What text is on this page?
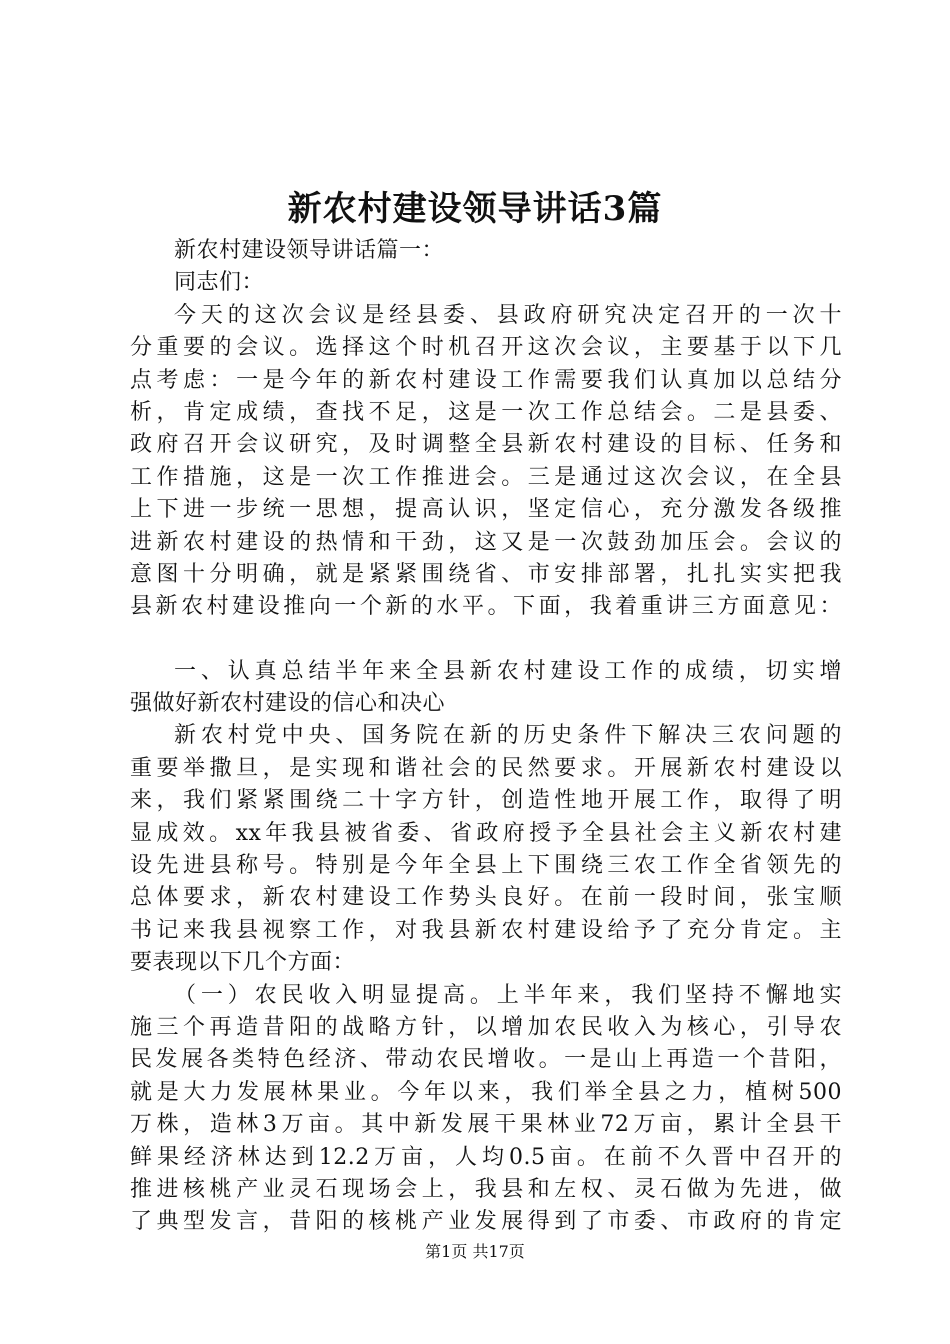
新农村建设领导讲话3篇
新农村建设领导讲话篇一：
同志们：
今天的这次会议是经县委、县政府研究决定召开的一次十
分重要的会议。选择这个时机召开这次会议，主要基于以下几
点考虑：一是今年的新农村建设工作需要我们认真加以总结分
析，肯定成绩，查找不足，这是一次工作总结会。二是县委、
政府召开会议研究，及时调整全县新农村建设的目标、任务和
工作措施，这是一次工作推进会。三是通过这次会议，在全县
上下进一步统一思想，提高认识，坚定信心，充分激发各级推
进新农村建设的热情和干劲，这又是一次鼓劲加压会。会议的
意图十分明确，就是紧紧围绕省、市安排部署，扎扎实实把我
县新农村建设推向一个新的水平。下面，我着重讲三方面意见：
一、认真总结半年来全县新农村建设工作的成绩，切实增
强做好新农村建设的信心和决心
新农村党中央、国务院在新的历史条件下解决三农问题的
重要举撒旦，是实现和谐社会的民然要求。开展新农村建设以
来，我们紧紧围绕二十字方针，创造性地开展工作，取得了明
显成效。xx年我县被省委、省政府授予全县社会主义新农村建
设先进县称号。特别是今年全县上下围绕三农工作全省领先的
总体要求，新农村建设工作势头良好。在前一段时间，张宝顺
书记来我县视察工作，对我县新农村建设给予了充分肯定。主
要表现以下几个方面：
（一）农民收入明显提高。上半年来，我们坚持不懈地实
施三个再造昔阳的战略方针，以增加农民收入为核心，引导农
民发展各类特色经济、带动农民增收。一是山上再造一个昔阳，
就是大力发展林果业。今年以来，我们举全县之力，植树500
万株，造林3万亩。其中新发展干果林业72万亩，累计全县干
鲜果经济林达到12.2万亩，人均0.5亩。在前不久晋中召开的
推进核桃产业灵石现场会上，我县和左权、灵石做为先进，做
了典型发言，昔阳的核桃产业发展得到了市委、市政府的肯定
第1页 共17页
